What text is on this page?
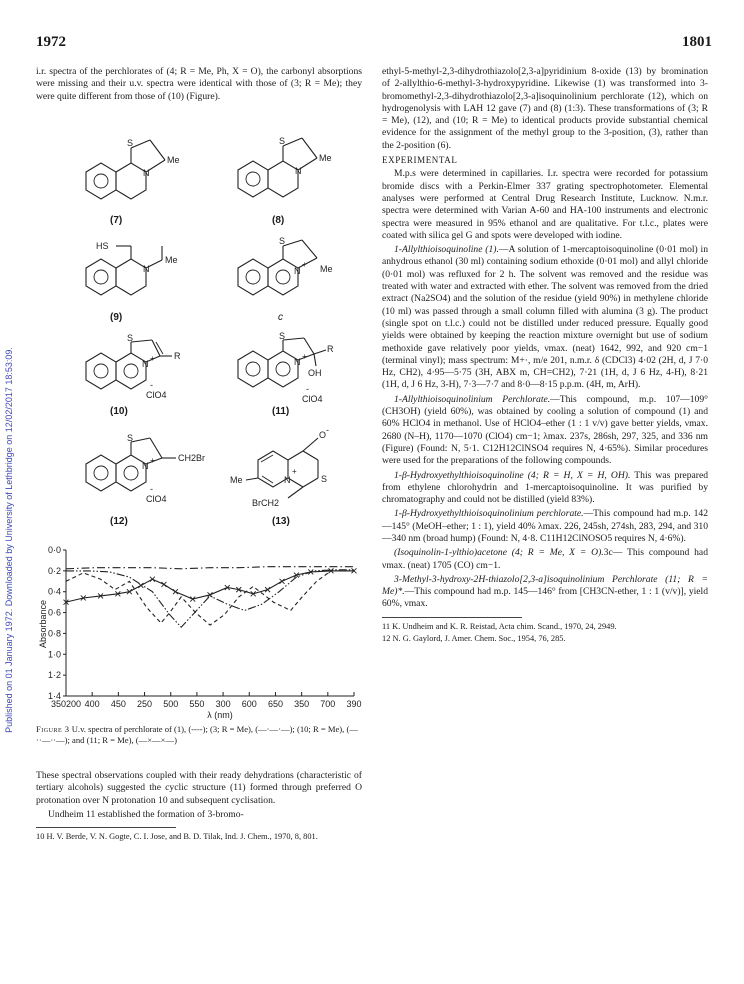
Published on 01 January 1972. Downloaded by University of Lethbridge on 12/02/2017 18:53:09.
1972	1801

i.r. spectra of the perchlorates of (4; R = Me, Ph, X = O), the carbonyl absorptions were missing and their u.v. spectra were identical with those of (3; R = Me); they were quite different from those of (10) (Figure).

S
N
Me
(7)
S
N
Me
(8)
HS
N
Me
(9)
S
N
+ Me
c
S
N
+ R
ClO4
-
(10)
S
N
+
R
OH
ClO4
-
(11)
S
N
+	CH2Br
ClO4
-
(12)
Me	N
+
O -
S
BrCH2
(13)
0·0
0·2
0·4
0·6
0·8
1·0
1·2
1·4
350200 400 450 250 500 550 300 600 650 350 700 390
Absorbance
λ (nm)
Figure 3 U.v. spectra of perchlorate of (1), (----); (3; R = Me), (—·—·—); (10; R = Me), (—··—··—); and (11; R = Me), (—×—×—)

These spectral observations coupled with their ready dehydrations (characteristic of tertiary alcohols) suggested the cyclic structure (11) formed through preferred O protonation over N protonation 10 and subsequent cyclisation.

Undheim 11 established the formation of 3-bromo-

10 H. V. Berde, V. N. Gogte, C. I. Jose, and B. D. Tilak, Ind. J. Chem., 1970, 8, 801.

ethyl-5-methyl-2,3-dihydrothiazolo[2,3-a]pyridinium 8-oxide (13) by bromination of 2-allylthio-6-methyl-3-hydroxypyridine. Likewise (1) was transformed into 3-bromomethyl-2,3-dihydrothiazolo[2,3-a]isoquinolinium perchlorate (12), which on hydrogenolysis with LAH 12 gave (7) and (8) (1:3). These transformations of (3; R = Me), (12), and (10; R = Me) to identical products provide substantial chemical evidence for the assignment of the methyl group to the 3-position, (3), rather than the 2-position (6).

EXPERIMENTAL

M.p.s were determined in capillaries. I.r. spectra were recorded for potassium bromide discs with a Perkin-Elmer 337 grating spectrophotometer. Elemental analyses were performed at Central Drug Research Institute, Lucknow. N.m.r. spectra were determined with Varian A-60 and HA-100 instruments and electronic spectra were measured in 95% ethanol and are qualitative. For t.l.c., plates were coated with silica gel G and spots were developed with iodine.

1-Allylthioisoquinoline (1).—A solution of 1-mercaptoisoquinoline (0·01 mol) in anhydrous ethanol (30 ml) containing sodium ethoxide (0·01 mol) and allyl chloride (0·01 mol) was refluxed for 2 h. The solvent was removed and the residue was treated with water and extracted with ether. The solvent was removed from the dried extract (Na2SO4) and the solution of the residue (yield 90%) in methylene chloride (10 ml) was passed through a small column filled with alumina (3 g). The product (single spot on t.l.c.) could not be distilled under reduced pressure. Equally good yields were obtained by keeping the reaction mixture overnight but use of sodium methoxide gave relatively poor yields, νmax. (neat) 1642, 992, and 920 cm−1 (terminal vinyl); mass spectrum: M+·, m/e 201, n.m.r. δ (CDCl3) 4·02 (2H, d, J 7·0 Hz, CH2), 4·95—5·75 (3H, ABX m, CH=CH2), 7·21 (1H, d, J 6 Hz, 4-H), 8·21 (1H, d, J 6 Hz, 3-H), 7·3—7·7 and 8·0—8·15 p.p.m. (4H, m, ArH).

1-Allylthioisoquinolinium Perchlorate.—This compound, m.p. 107—109° (CH3OH) (yield 60%), was obtained by cooling a solution of compound (1) and 60% HClO4 in methanol. Use of HClO4–ether (1 : 1 v/v) gave better yields, νmax. 2680 (N–H), 1170—1070 (ClO4) cm−1; λmax. 237s, 286sh, 297, 325, and 336 nm (Figure) (Found: N, 5·1. C12H12ClNSO4 requires N, 4·65%). Similar procedures were used for the preparations of the following compounds.

1-β-Hydroxyethylthioisoquinoline (4; R = H, X = H, OH). This was prepared from ethylene chlorohydrin and 1-mercaptoisoquinoline. It was purified by chromatography and could not be distilled (yield 83%).

1-β-Hydroxyethylthioisoquinolinium perchlorate.—This compound had m.p. 142—145° (MeOH–ether; 1 : 1), yield 40% λmax. 226, 245sh, 274sh, 283, 294, and 310—340 nm (broad hump) (Found: N, 4·8. C11H12ClNOSO5 requires N, 4·6%).

(Isoquinolin-1-ylthio)acetone (4; R = Me, X = O).3c— This compound had νmax. (neat) 1705 (CO) cm−1.

3-Methyl-3-hydroxy-2H-thiazolo[2,3-a]isoquinolinium Perchlorate (11; R = Me)*.—This compound had m.p. 145—146° from [CH3CN-ether, 1 : 1 (v/v)], yield 60%, νmax.

11 K. Undheim and K. R. Reistad, Acta chim. Scand., 1970, 24, 2949.

12 N. G. Gaylord, J. Amer. Chem. Soc., 1954, 76, 285.
